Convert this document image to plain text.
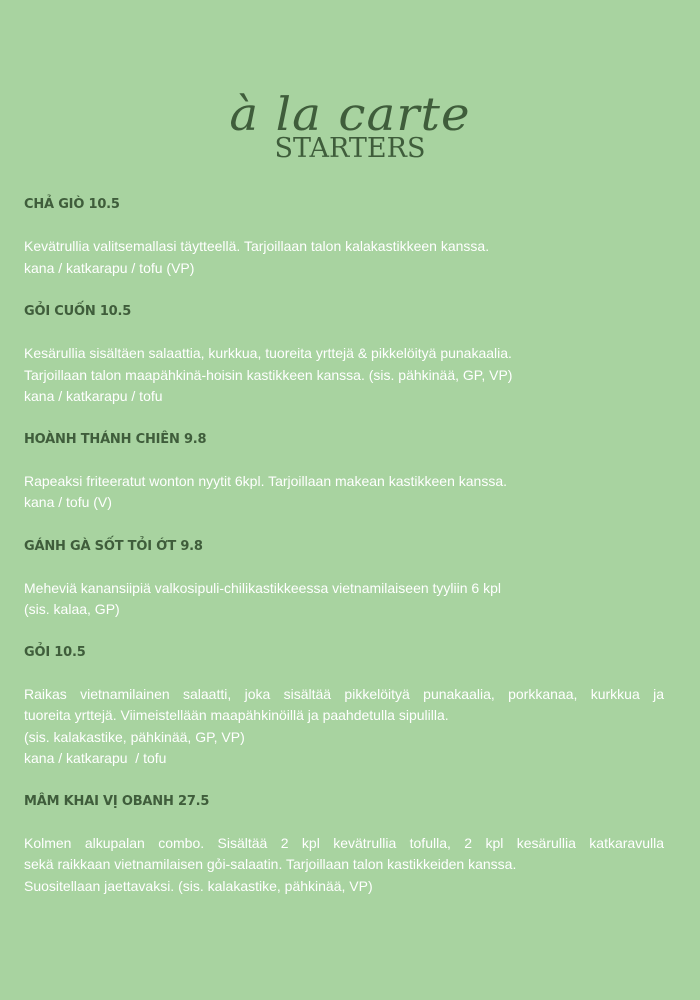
à la carte
STARTERS
CHẢ GIÒ 10.5
Kevätrullia valitsemallasi täytteellä. Tarjoillaan talon kalakastikkeen kanssa.
kana / katkarapu / tofu (VP)
GỎI CUỐN 10.5
Kesärullia sisältäen salaattia, kurkkua, tuoreita yrttejä & pikkelöityä punakaalia.
Tarjoillaan talon maapähkinä-hoisin kastikkeen kanssa. (sis. pähkinää, GP, VP)
kana / katkarapu / tofu
HOÀNH THÁNH CHIÊN 9.8
Rapeaksi friteeratut wonton nyytit 6kpl. Tarjoillaan makean kastikkeen kanssa.
kana / tofu (V)
GÁNH GÀ SỐT TỎI ỚT 9.8
Meheviä kanansiipiä valkosipuli-chilikastikkeessa vietnamilaiseen tyyliin 6 kpl
(sis. kalaa, GP)
GỎI 10.5
Raikas vietnamilainen salaatti, joka sisältää pikkelöityä punakaalia, porkkanaa, kurkkua ja
tuoreita yrttejä. Viimeistellään maapähkinöillä ja paahdetulla sipulilla.
(sis. kalakastike, pähkinää, GP, VP)
kana / katkarapu  / tofu
MÂM KHAI VỊ OBANH 27.5
Kolmen alkupalan combo. Sisältää 2 kpl kevätrullia tofulla, 2 kpl kesärullia katkaravulla
sekä raikkaan vietnamilaisen gỏi-salaatin. Tarjoillaan talon kastikkeiden kanssa.
Suositellaan jaettavaksi. (sis. kalakastike, pähkinää, VP)
